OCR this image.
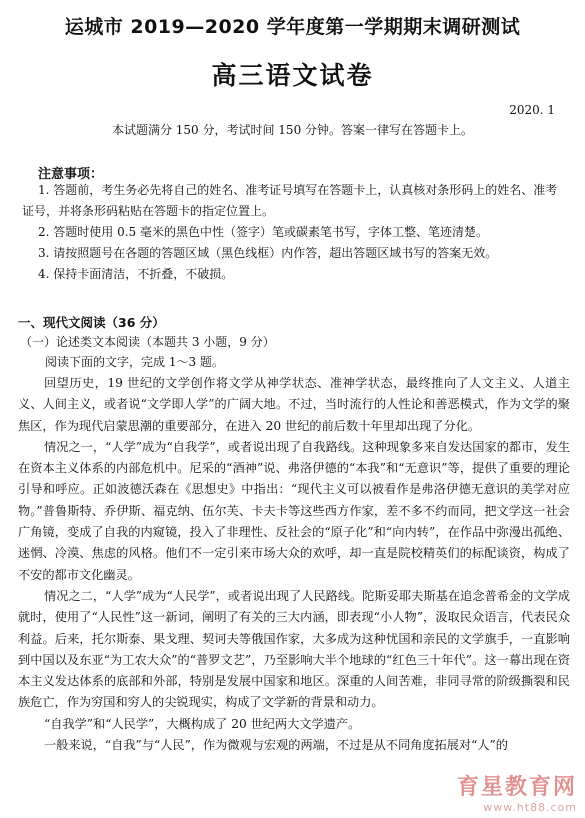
运城市 2019—2020 学年度第一学期期末调研测试
高三语文试卷
2020. 1
本试题满分 150 分，考试时间 150 分钟。答案一律写在答题卡上。
注意事项：

1. 答题前，考生务必先将自己的姓名、准考证号填写在答题卡上，认真核对条形码上的姓名、准考证号，并将条形码粘贴在答题卡的指定位置上。

2. 答题时使用 0.5 毫米的黑色中性（签字）笔或碳素笔书写，字体工整、笔迹清楚。

3. 请按照题号在各题的答题区域（黑色线框）内作答，超出答题区域书写的答案无效。

4. 保持卡面清洁，不折叠，不破损。

一、现代文阅读（36 分）
（一）论述类文本阅读（本题共 3 小题，9 分）
阅读下面的文字，完成 1～3 题。

回望历史，19 世纪的文学创作将文学从神学状态、准神学状态，最终推向了人文主义、人道主义、人间主义，或者说“文学即人学”的广阔大地。不过，当时流行的人性论和善恶模式，作为文学的聚焦区，作为现代启蒙思潮的重要部分，在进入 20 世纪的前后数十年里却出现了分化。

情况之一，“人学”成为“自我学”，或者说出现了自我路线。这种现象多来自发达国家的都市，发生在资本主义体系的内部危机中。尼采的“酒神”说、弗洛伊德的“本我”和“无意识”等，提供了重要的理论引导和呼应。正如波德沃森在《思想史》中指出：“现代主义可以被看作是弗洛伊德无意识的美学对应物。”普鲁斯特、乔伊斯、福克纳、伍尔芙、卡夫卡等这些西方作家，差不多不约而同，把文学这一社会广角镜，变成了自我的内窥镜，投入了非理性、反社会的“原子化”和“向内转”，在作品中弥漫出孤绝、迷惘、冷漠、焦虑的风格。他们不一定引来市场大众的欢呼，却一直是院校精英们的标配谈资，构成了不安的都市文化幽灵。

情况之二，“人学”成为“人民学”，或者说出现了人民路线。陀斯妥耶夫斯基在追念普希金的文学成就时，使用了“人民性”这一新词，阐明了有关的三大内涵，即表现“小人物”，汲取民众语言，代表民众利益。后来，托尔斯泰、果戈理、契诃夫等俄国作家，大多成为这种忧国和亲民的文学旗手，一直影响到中国以及东亚“为工农大众”的“普罗文艺”，乃至影响大半个地球的“红色三十年代”。这一幕出现在资本主义发达体系的底部和外部，特别是发展中国家和地区。深重的人间苦难，非同寻常的阶级撕裂和民族危亡，作为穷国和穷人的尖锐现实，构成了文学新的背景和动力。

“自我学”和“人民学”，大概构成了 20 世纪两大文学遗产。

一般来说，“自我”与“人民”，作为微观与宏观的两端，不过是从不同角度拓展对“人”的

育星教育网
www.ht88.com
